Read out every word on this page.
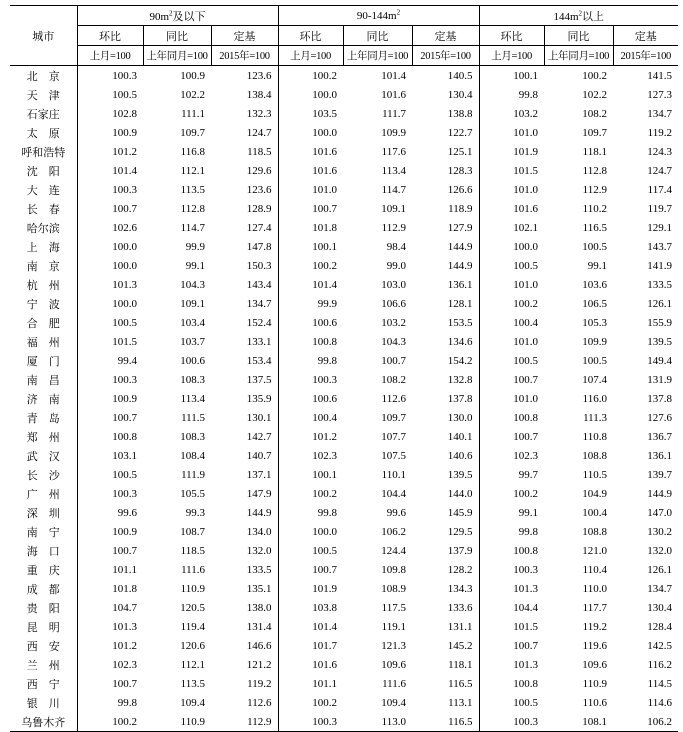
城市	$90m^2$及以下			$90-144m^2$			$144m^2$以上		
	环比	同比	定基	环比	同比	定基	环比	同比	定基
	上月=100	上年同月=100	2015年=100	上月=100	上年同月=100	2015年=100	上月=100	上年同月=100	2015年=100
北　京	100.3	100.9	123.6	100.2	101.4	140.5	100.1	100.2	141.5
天　津	100.5	102.2	138.4	100.0	101.6	130.4	99.8	102.2	127.3
石家庄	102.8	111.1	132.3	103.5	111.7	138.8	103.2	108.2	134.7
太　原	100.9	109.7	124.7	100.0	109.9	122.7	101.0	109.7	119.2
呼和浩特	101.2	116.8	118.5	101.6	117.6	125.1	101.9	118.1	124.3
沈　阳	101.4	112.1	129.6	101.6	113.4	128.3	101.5	112.8	124.7
大　连	100.3	113.5	123.6	101.0	114.7	126.6	101.0	112.9	117.4
长　春	100.7	112.8	128.9	100.7	109.1	118.9	101.6	110.2	119.7
哈尔滨	102.6	114.7	127.4	101.8	112.9	127.9	102.1	116.5	129.1
上　海	100.0	99.9	147.8	100.1	98.4	144.9	100.0	100.5	143.7
南　京	100.0	99.1	150.3	100.2	99.0	144.9	100.5	99.1	141.9
杭　州	101.3	104.3	143.4	101.4	103.0	136.1	101.0	103.6	133.5
宁　波	100.0	109.1	134.7	99.9	106.6	128.1	100.2	106.5	126.1
合　肥	100.5	103.4	152.4	100.6	103.2	153.5	100.4	105.3	155.9
福　州	101.5	103.7	133.1	100.8	104.3	134.6	101.0	109.9	139.5
厦　门	99.4	100.6	153.4	99.8	100.7	154.2	100.5	100.5	149.4
南　昌	100.3	108.3	137.5	100.3	108.2	132.8	100.7	107.4	131.9
济　南	100.9	113.4	135.9	100.6	112.6	137.8	101.0	116.0	137.8
青　岛	100.7	111.5	130.1	100.4	109.7	130.0	100.8	111.3	127.6
郑　州	100.8	108.3	142.7	101.2	107.7	140.1	100.7	110.8	136.7
武　汉	103.1	108.4	140.7	102.3	107.5	140.6	102.3	108.8	136.1
长　沙	100.5	111.9	137.1	100.1	110.1	139.5	99.7	110.5	139.7
广　州	100.3	105.5	147.9	100.2	104.4	144.0	100.2	104.9	144.9
深　圳	99.6	99.3	144.9	99.8	99.6	145.9	99.1	100.4	147.0
南　宁	100.9	108.7	134.0	100.0	106.2	129.5	99.8	108.8	130.2
海　口	100.7	118.5	132.0	100.5	124.4	137.9	100.8	121.0	132.0
重　庆	101.1	111.6	133.5	100.7	109.8	128.2	100.3	110.4	126.1
成　都	101.8	110.9	135.1	101.9	108.9	134.3	101.3	110.0	134.7
贵　阳	104.7	120.5	138.0	103.8	117.5	133.6	104.4	117.7	130.4
昆　明	101.3	119.4	131.4	101.4	119.1	131.1	101.5	119.2	128.4
西　安	101.2	120.6	146.6	101.7	121.3	145.2	100.7	119.6	142.5
兰　州	102.3	112.1	121.2	101.6	109.6	118.1	101.3	109.6	116.2
西　宁	100.7	113.5	119.2	101.1	111.6	116.5	100.8	110.9	114.5
银　川	99.8	109.4	112.6	100.2	109.4	113.1	100.5	110.6	114.6
乌鲁木齐	100.2	110.9	112.9	100.3	113.0	116.5	100.3	108.1	106.2
